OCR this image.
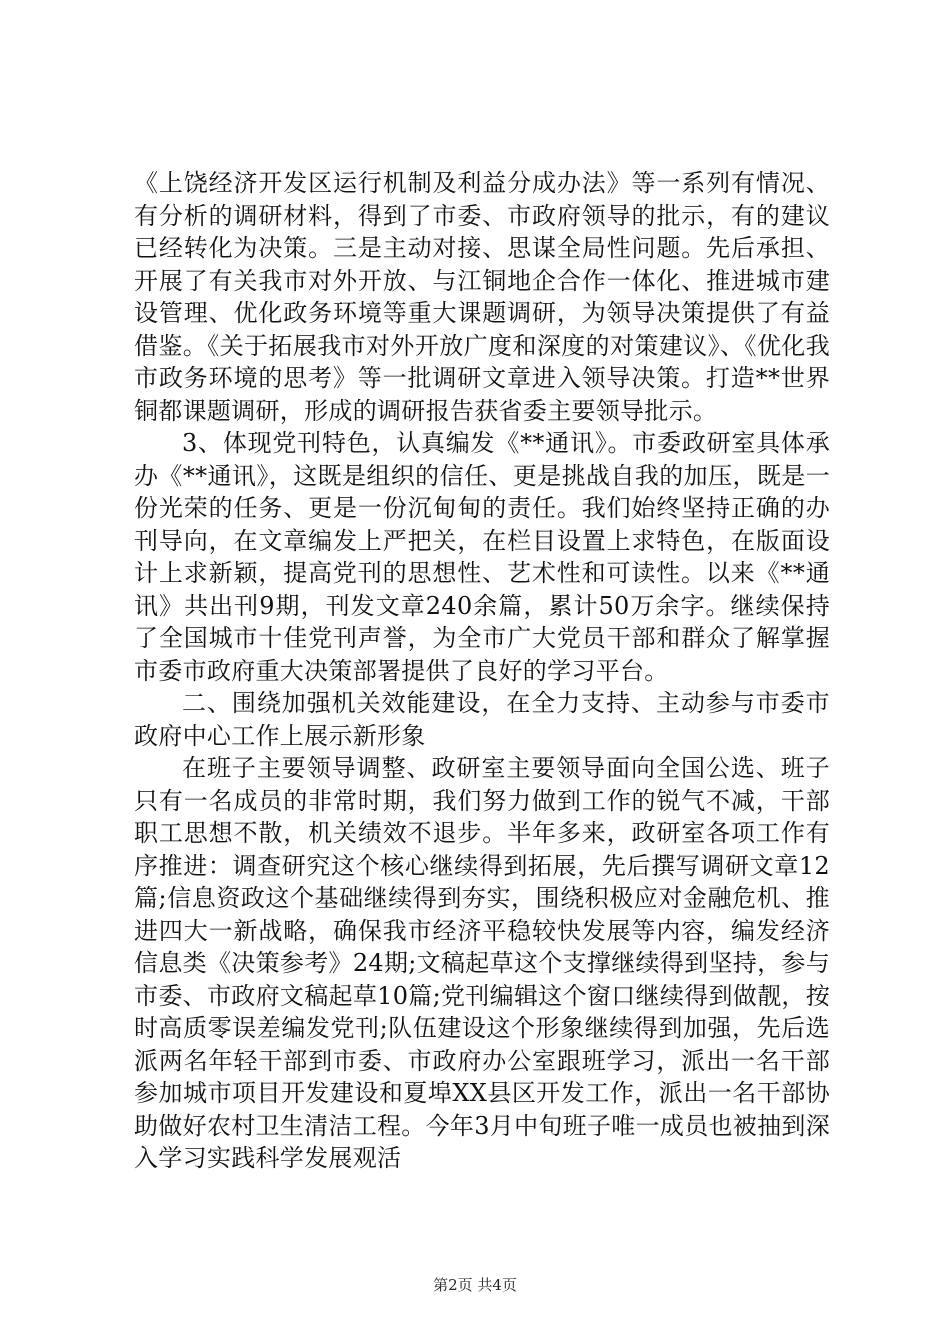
《上饶经济开发区运行机制及利益分成办法》等一系列有情况、有分析的调研材料，得到了市委、市政府领导的批示，有的建议已经转化为决策。三是主动对接、思谋全局性问题。先后承担、开展了有关我市对外开放、与江铜地企合作一体化、推进城市建设管理、优化政务环境等重大课题调研，为领导决策提供了有益借鉴。《关于拓展我市对外开放广度和深度的对策建议》、《优化我市政务环境的思考》等一批调研文章进入领导决策。打造**世界铜都课题调研，形成的调研报告获省委主要领导批示。

3、体现党刊特色，认真编发《**通讯》。市委政研室具体承办《**通讯》，这既是组织的信任、更是挑战自我的加压，既是一份光荣的任务、更是一份沉甸甸的责任。我们始终坚持正确的办刊导向，在文章编发上严把关，在栏目设置上求特色，在版面设计上求新颖，提高党刊的思想性、艺术性和可读性。以来《**通讯》共出刊9期，刊发文章240余篇，累计50万余字。继续保持了全国城市十佳党刊声誉，为全市广大党员干部和群众了解掌握市委市政府重大决策部署提供了良好的学习平台。

二、围绕加强机关效能建设，在全力支持、主动参与市委市政府中心工作上展示新形象

在班子主要领导调整、政研室主要领导面向全国公选、班子只有一名成员的非常时期，我们努力做到工作的锐气不减，干部职工思想不散，机关绩效不退步。半年多来，政研室各项工作有序推进：调查研究这个核心继续得到拓展，先后撰写调研文章12篇;信息资政这个基础继续得到夯实，围绕积极应对金融危机、推进四大一新战略，确保我市经济平稳较快发展等内容，编发经济信息类《决策参考》24期;文稿起草这个支撑继续得到坚持，参与市委、市政府文稿起草10篇;党刊编辑这个窗口继续得到做靓，按时高质零误差编发党刊;队伍建设这个形象继续得到加强，先后选派两名年轻干部到市委、市政府办公室跟班学习，派出一名干部参加城市项目开发建设和夏埠XX县区开发工作，派出一名干部协助做好农村卫生清洁工程。今年3月中旬班子唯一成员也被抽到深入学习实践科学发展观活

第2页 共4页
